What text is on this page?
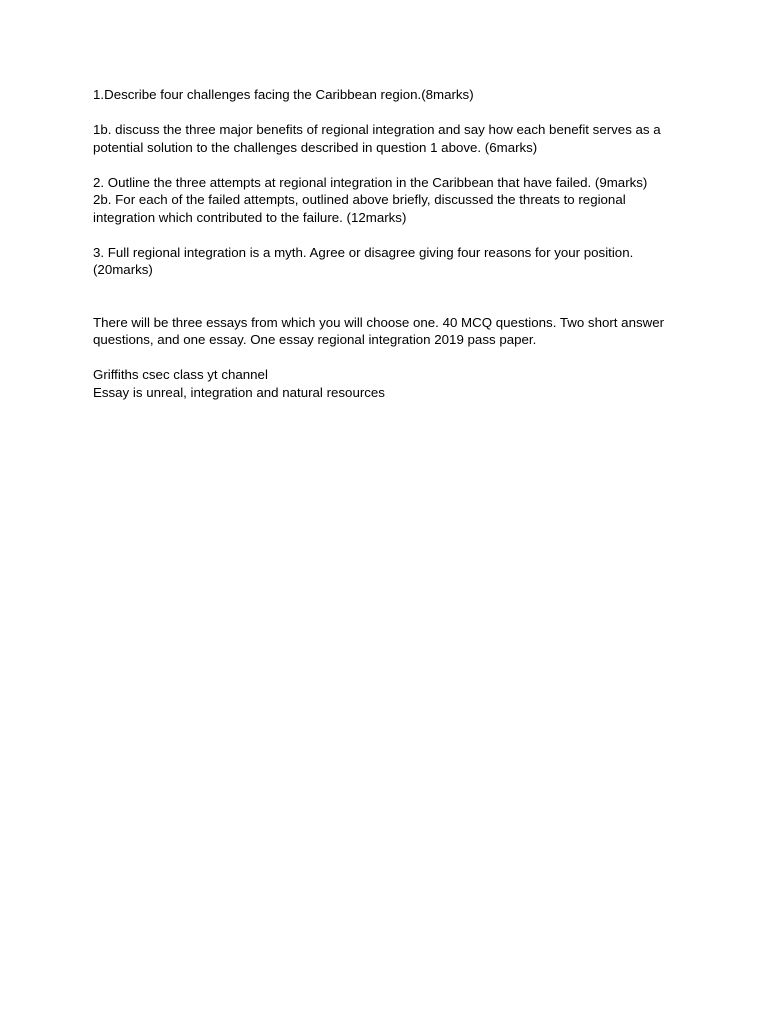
1.Describe four challenges facing the Caribbean region.(8marks)

1b. discuss the three major benefits of regional integration and say how each benefit serves as a potential solution to the challenges described in question 1 above. (6marks)

2. Outline the three attempts at regional integration in the Caribbean that have failed. (9marks)

2b. For each of the failed attempts, outlined above briefly, discussed the threats to regional integration which contributed to the failure. (12marks)

3. Full regional integration is a myth. Agree or disagree giving four reasons for your position. (20marks)

There will be three essays from which you will choose one. 40 MCQ questions. Two short answer questions, and one essay. One essay regional integration 2019 pass paper.

Griffiths csec class yt channel

Essay is unreal, integration and natural resources
